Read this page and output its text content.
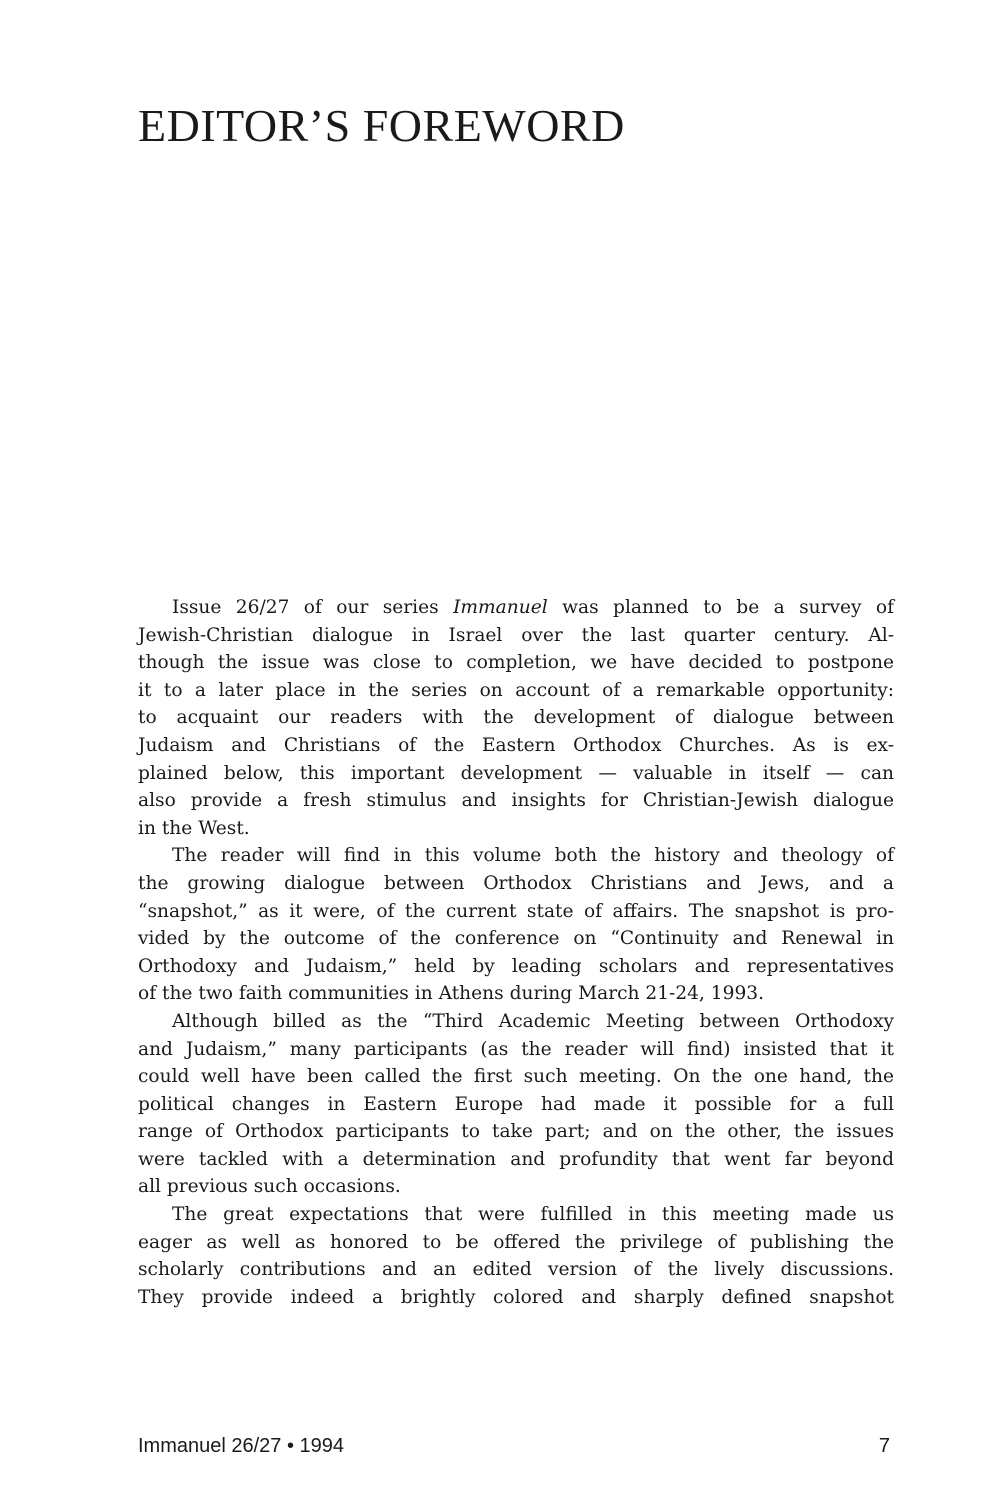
EDITOR’S FOREWORD
Issue 26/27 of our series Immanuel was planned to be a survey of
Jewish-Christian dialogue in Israel over the last quarter century. Al-
though the issue was close to completion, we have decided to postpone
it to a later place in the series on account of a remarkable opportunity:
to acquaint our readers with the development of dialogue between
Judaism and Christians of the Eastern Orthodox Churches. As is ex-
plained below, this important development — valuable in itself — can
also provide a fresh stimulus and insights for Christian-Jewish dialogue
in the West.
The reader will find in this volume both the history and theology of
the growing dialogue between Orthodox Christians and Jews, and a
“snapshot,” as it were, of the current state of affairs. The snapshot is pro-
vided by the outcome of the conference on “Continuity and Renewal in
Orthodoxy and Judaism,” held by leading scholars and representatives
of the two faith communities in Athens during March 21-24, 1993.
Although billed as the “Third Academic Meeting between Orthodoxy
and Judaism,” many participants (as the reader will find) insisted that it
could well have been called the first such meeting. On the one hand, the
political changes in Eastern Europe had made it possible for a full
range of Orthodox participants to take part; and on the other, the issues
were tackled with a determination and profundity that went far beyond
all previous such occasions.
The great expectations that were fulfilled in this meeting made us
eager as well as honored to be offered the privilege of publishing the
scholarly contributions and an edited version of the lively discussions.
They provide indeed a brightly colored and sharply defined snapshot
Immanuel 26/27 • 1994	7
